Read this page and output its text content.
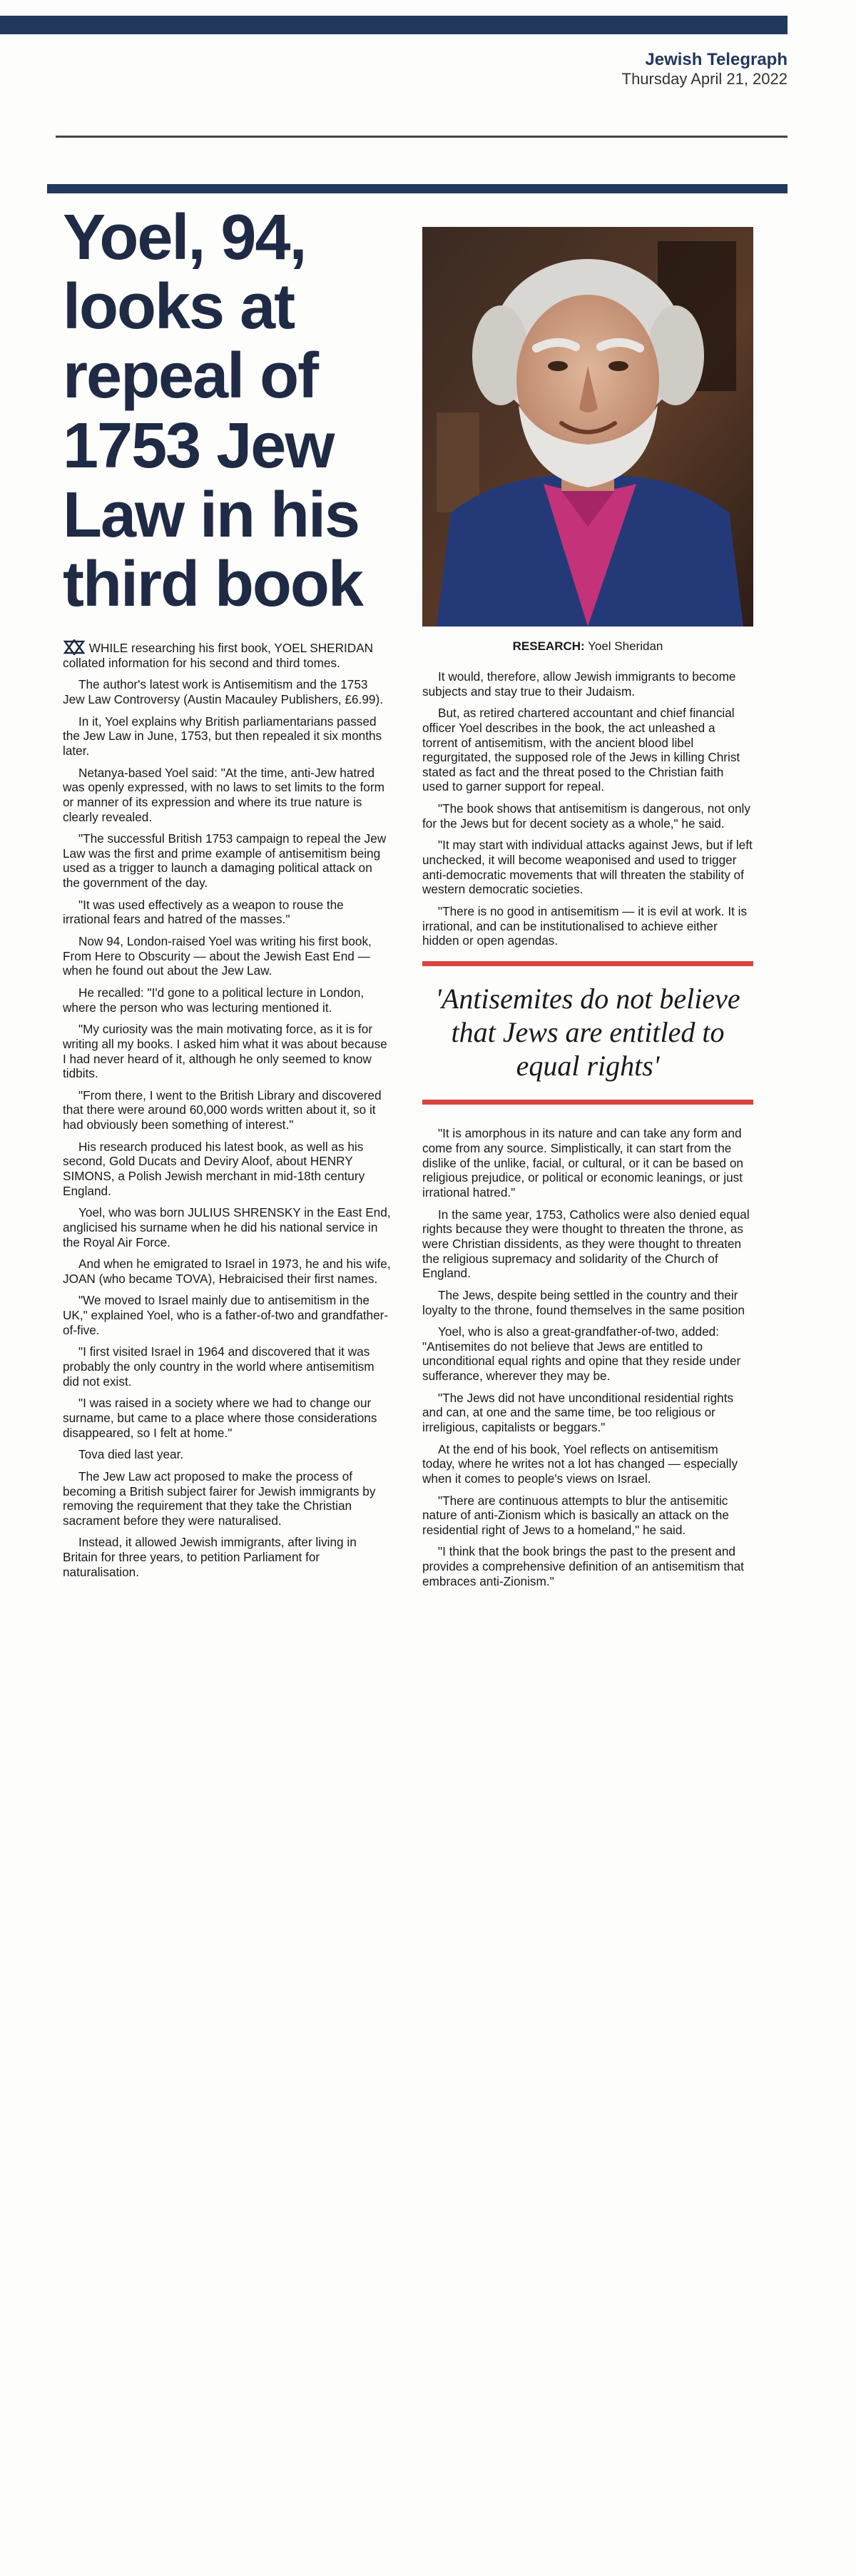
Jewish Telegraph
Thursday April 21, 2022
Yoel, 94, looks at repeal of 1753 Jew Law in his third book

WHILE researching his first book, YOEL SHERIDAN collated information for his second and third tomes.

The author's latest work is Antisemitism and the 1753 Jew Law Controversy (Austin Macauley Publishers, £6.99).

In it, Yoel explains why British parliamentarians passed the Jew Law in June, 1753, but then repealed it six months later.

Netanya-based Yoel said: "At the time, anti-Jew hatred was openly expressed, with no laws to set limits to the form or manner of its expression and where its true nature is clearly revealed.

"The successful British 1753 campaign to repeal the Jew Law was the first and prime example of antisemitism being used as a trigger to launch a damaging political attack on the government of the day.

"It was used effectively as a weapon to rouse the irrational fears and hatred of the masses."

Now 94, London-raised Yoel was writing his first book, From Here to Obscurity — about the Jewish East End — when he found out about the Jew Law.

He recalled: "I'd gone to a political lecture in London, where the person who was lecturing mentioned it.

"My curiosity was the main motivating force, as it is for writing all my books. I asked him what it was about because I had never heard of it, although he only seemed to know tidbits.

"From there, I went to the British Library and discovered that there were around 60,000 words written about it, so it had obviously been something of interest."

His research produced his latest book, as well as his second, Gold Ducats and Deviry Aloof, about HENRY SIMONS, a Polish Jewish merchant in mid-18th century England.

Yoel, who was born JULIUS SHRENSKY in the East End, anglicised his surname when he did his national service in the Royal Air Force.

And when he emigrated to Israel in 1973, he and his wife, JOAN (who became TOVA), Hebraicised their first names.

"We moved to Israel mainly due to antisemitism in the UK," explained Yoel, who is a father-of-two and grandfather-of-five.

"I first visited Israel in 1964 and discovered that it was probably the only country in the world where antisemitism did not exist.

"I was raised in a society where we had to change our surname, but came to a place where those considerations disappeared, so I felt at home."

Tova died last year.

The Jew Law act proposed to make the process of becoming a British subject fairer for Jewish immigrants by removing the requirement that they take the Christian sacrament before they were naturalised.

Instead, it allowed Jewish immigrants, after living in Britain for three years, to petition Parliament for naturalisation.

RESEARCH: Yoel Sheridan

It would, therefore, allow Jewish immigrants to become subjects and stay true to their Judaism.

But, as retired chartered accountant and chief financial officer Yoel describes in the book, the act unleashed a torrent of antisemitism, with the ancient blood libel regurgitated, the supposed role of the Jews in killing Christ stated as fact and the threat posed to the Christian faith used to garner support for repeal.

"The book shows that antisemitism is dangerous, not only for the Jews but for decent society as a whole," he said.

"It may start with individual attacks against Jews, but if left unchecked, it will become weaponised and used to trigger anti-democratic movements that will threaten the stability of western democratic societies.

"There is no good in antisemitism — it is evil at work. It is irrational, and can be institutionalised to achieve either hidden or open agendas.

'Antisemites do not believe that Jews are entitled to equal rights'

"It is amorphous in its nature and can take any form and come from any source. Simplistically, it can start from the dislike of the unlike, facial, or cultural, or it can be based on religious prejudice, or political or economic leanings, or just irrational hatred."

In the same year, 1753, Catholics were also denied equal rights because they were thought to threaten the throne, as were Christian dissidents, as they were thought to threaten the religious supremacy and solidarity of the Church of England.

The Jews, despite being settled in the country and their loyalty to the throne, found themselves in the same position

Yoel, who is also a great-grandfather-of-two, added: "Antisemites do not believe that Jews are entitled to unconditional equal rights and opine that they reside under sufferance, wherever they may be.

"The Jews did not have unconditional residential rights and can, at one and the same time, be too religious or irreligious, capitalists or beggars."

At the end of his book, Yoel reflects on antisemitism today, where he writes not a lot has changed — especially when it comes to people's views on Israel.

"There are continuous attempts to blur the antisemitic nature of anti-Zionism which is basically an attack on the residential right of Jews to a homeland," he said.

"I think that the book brings the past to the present and provides a comprehensive definition of an antisemitism that embraces anti-Zionism."
